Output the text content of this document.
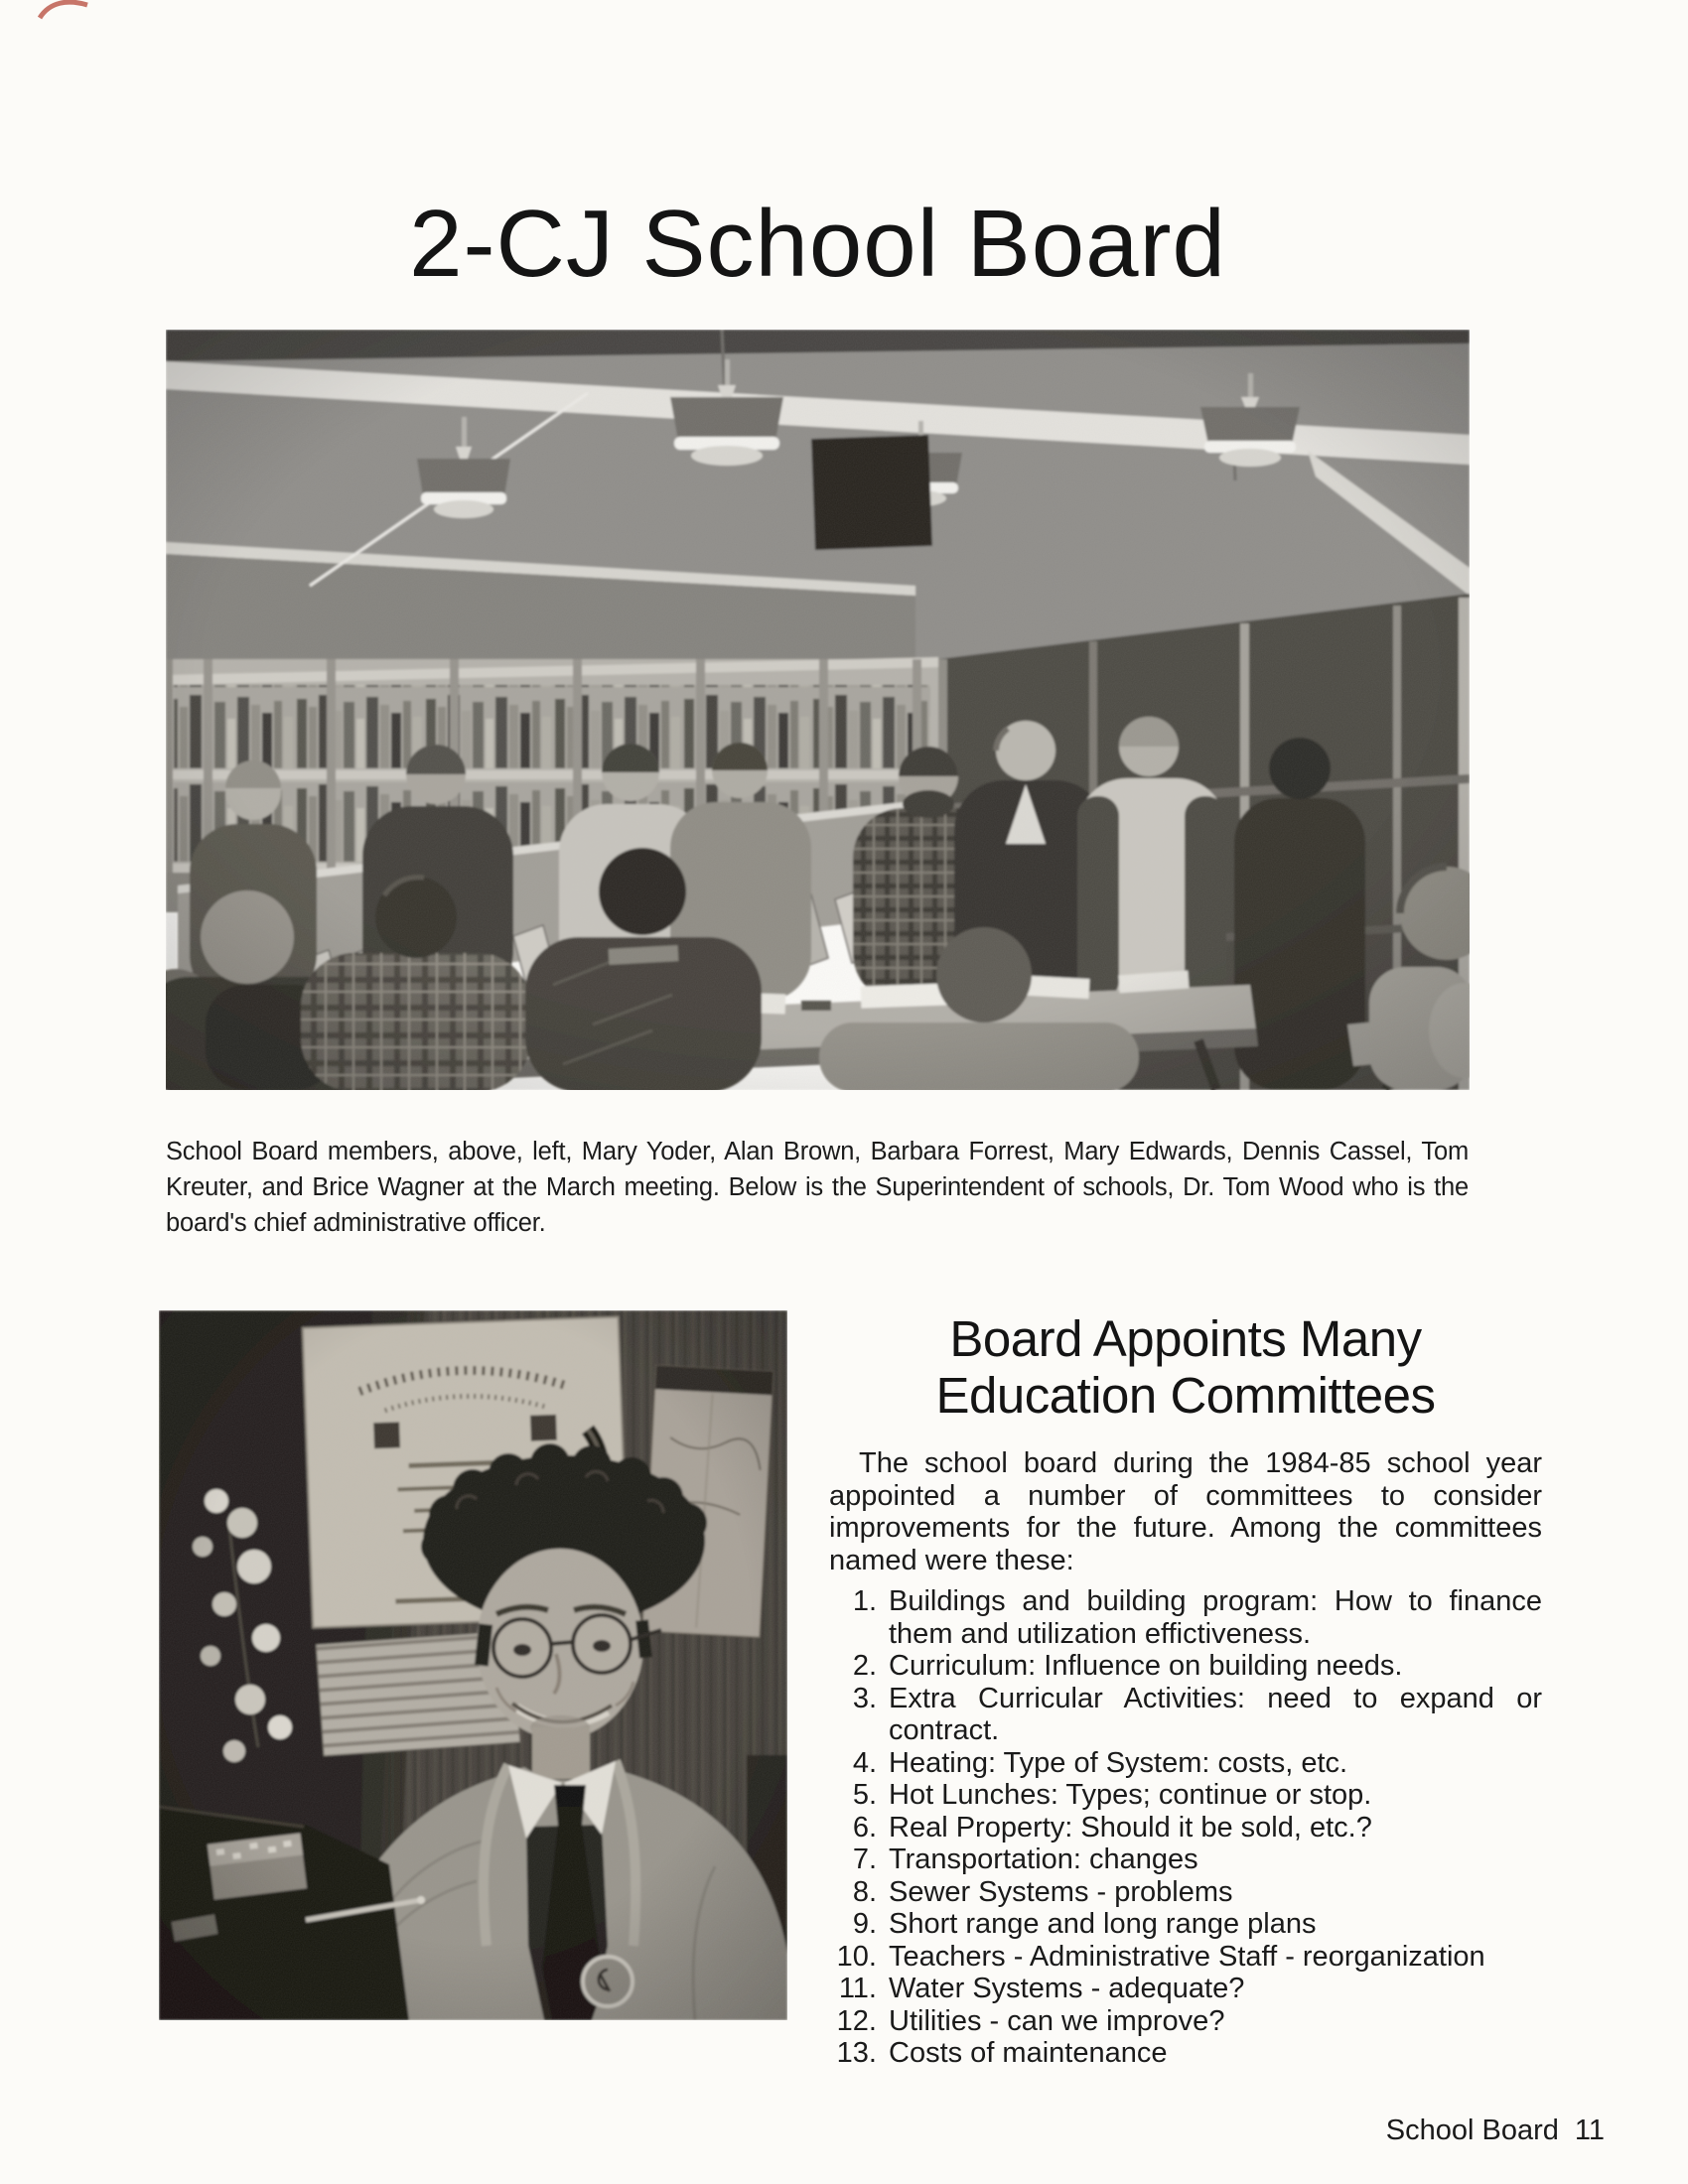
2-CJ School Board

School Board members, above, left, Mary Yoder, Alan Brown, Barbara Forrest, Mary Edwards, Dennis Cassel, Tom Kreuter, and Brice Wagner at the March meeting. Below is the Superintendent of schools, Dr. Tom Wood who is the board's chief administrative officer.

Board Appoints Many
Education Committees

The school board during the 1984-85 school year appointed a number of committees to consider improvements for the future. Among the committees named were these:

1. Buildings and building program: How to finance them and utilization effictiveness.
2. Curriculum: Influence on building needs.
3. Extra Curricular Activities: need to expand or contract.
4. Heating: Type of System: costs, etc.
5. Hot Lunches: Types; continue or stop.
6. Real Property: Should it be sold, etc.?
7. Transportation: changes
8. Sewer Systems - problems
9. Short range and long range plans
10. Teachers - Administrative Staff - reorganization
11. Water Systems - adequate?
12. Utilities - can we improve?
13. Costs of maintenance
School Board 11
